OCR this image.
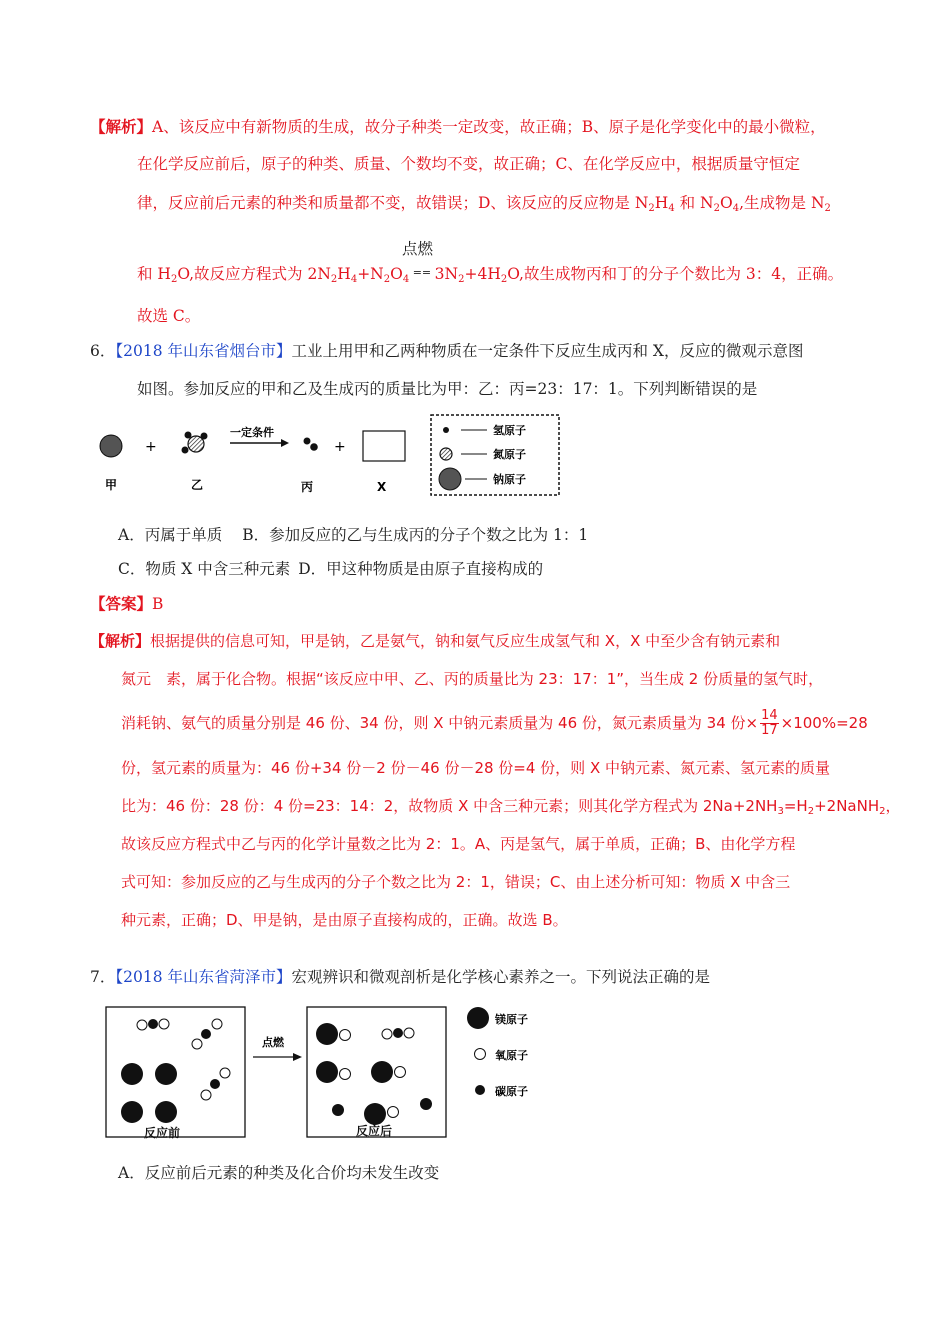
【解析】A、该反应中有新物质的生成，故分子种类一定改变，故正确；B、原子是化学变化中的最小微粒，
在化学反应前后，原子的种类、质量、个数均不变，故正确；C、在化学反应中，根据质量守恒定
律，反应前后元素的种类和质量都不变，故错误；D、该反应的反应物是 $N_2H_4$ 和 $N_2O_4$,生成物是 $N_2$
点燃
和 $H_2O$,故反应方程式为 $2N_2H_4+N_2O_4 == 3N_2+4H_2O$,故生成物丙和丁的分子个数比为 3：4，正确。
故选 C。
6．【2018 年山东省烟台市】工业上用甲和乙两种物质在一定条件下反应生成丙和 X，反应的微观示意图
如图。参加反应的甲和乙及生成丙的质量比为甲：乙：丙=23：17：1。下列判断错误的是
+
一定条件
+
氢原子
氮原子
钠原子
甲	乙	丙	X
A．丙属于单质 B．参加反应的乙与生成丙的分子个数之比为 1：1
C．物质 X 中含三种元素 D．甲这种物质是由原子直接构成的
【答案】B
【解析】根据提供的信息可知，甲是钠，乙是氨气，钠和氨气反应生成氢气和 X，X 中至少含有钠元素和
氮元　素，属于化合物。根据“该反应中甲、乙、丙的质量比为 23：17：1”，当生成 2 份质量的氢气时，
消耗钠、氨气的质量分别是 46 份、34 份，则 X 中钠元素质量为 46 份，氮元素质量为 34 份× $\frac{14}{17} \times 100\%=28$
份，氢元素的质量为：46 份+34 份－2 份－46 份－28 份=4 份，则 X 中钠元素、氮元素、氢元素的质量
比为：46 份：28 份：4 份=23：14：2，故物质 X 中含三种元素；则其化学方程式为 $2Na+2NH_3=H_2+2NaNH_2$，
故该反应方程式中乙与丙的化学计量数之比为 2：1。A、丙是氢气，属于单质，正确；B、由化学方程
式可知：参加反应的乙与生成丙的分子个数之比为 2：1，错误；C、由上述分析可知：物质 X 中含三
种元素，正确；D、甲是钠，是由原子直接构成的，正确。故选 B。
7．【2018 年山东省菏泽市】宏观辨识和微观剖析是化学核心素养之一。下列说法正确的是
点燃
镁原子
氧原子
碳原子
反应前	反应后
A．反应前后元素的种类及化合价均未发生改变
